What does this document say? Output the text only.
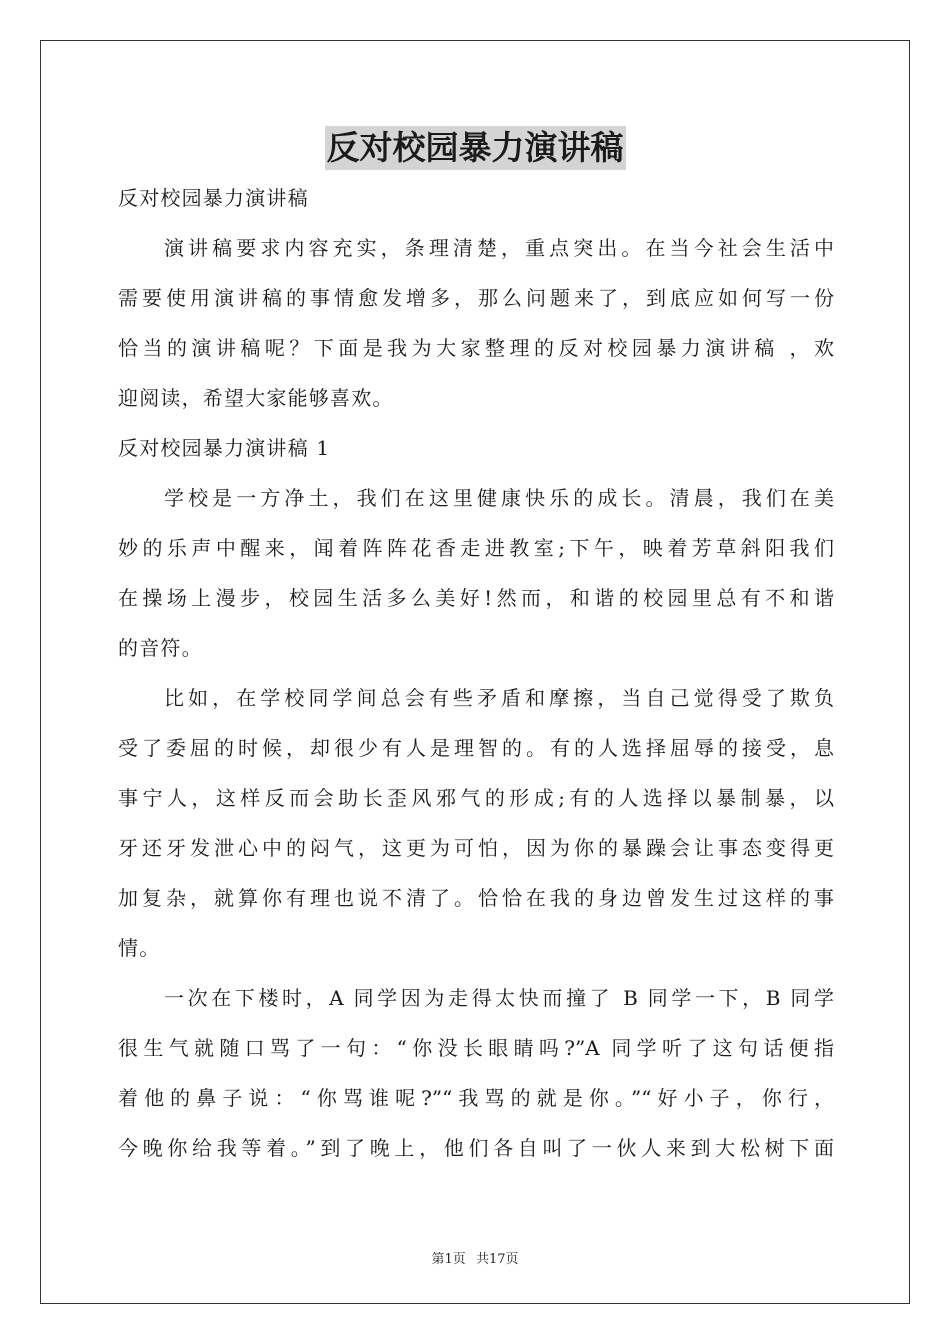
反对校园暴力演讲稿
反对校园暴力演讲稿
演讲稿要求内容充实，条理清楚，重点突出。在当今社会生活中
需要使用演讲稿的事情愈发增多，那么问题来了，到底应如何写一份
恰当的演讲稿呢？下面是我为大家整理的反对校园暴力演讲稿 ，欢
迎阅读，希望大家能够喜欢。
反对校园暴力演讲稿 1
学校是一方净土，我们在这里健康快乐的成长。清晨，我们在美
妙的乐声中醒来，闻着阵阵花香走进教室;下午，映着芳草斜阳我们
在操场上漫步，校园生活多么美好!然而，和谐的校园里总有不和谐
的音符。
比如，在学校同学间总会有些矛盾和摩擦，当自己觉得受了欺负
受了委屈的时候，却很少有人是理智的。有的人选择屈辱的接受，息
事宁人，这样反而会助长歪风邪气的形成;有的人选择以暴制暴，以
牙还牙发泄心中的闷气，这更为可怕，因为你的暴躁会让事态变得更
加复杂，就算你有理也说不清了。恰恰在我的身边曾发生过这样的事
情。
一次在下楼时，A 同学因为走得太快而撞了 B 同学一下，B 同学
很生气就随口骂了一句：“你没长眼睛吗?”A 同学听了这句话便指
着他的鼻子说：“你骂谁呢?”“我骂的就是你。”“好小子，你行，
今晚你给我等着。”到了晚上，他们各自叫了一伙人来到大松树下面
第1页 共17页
